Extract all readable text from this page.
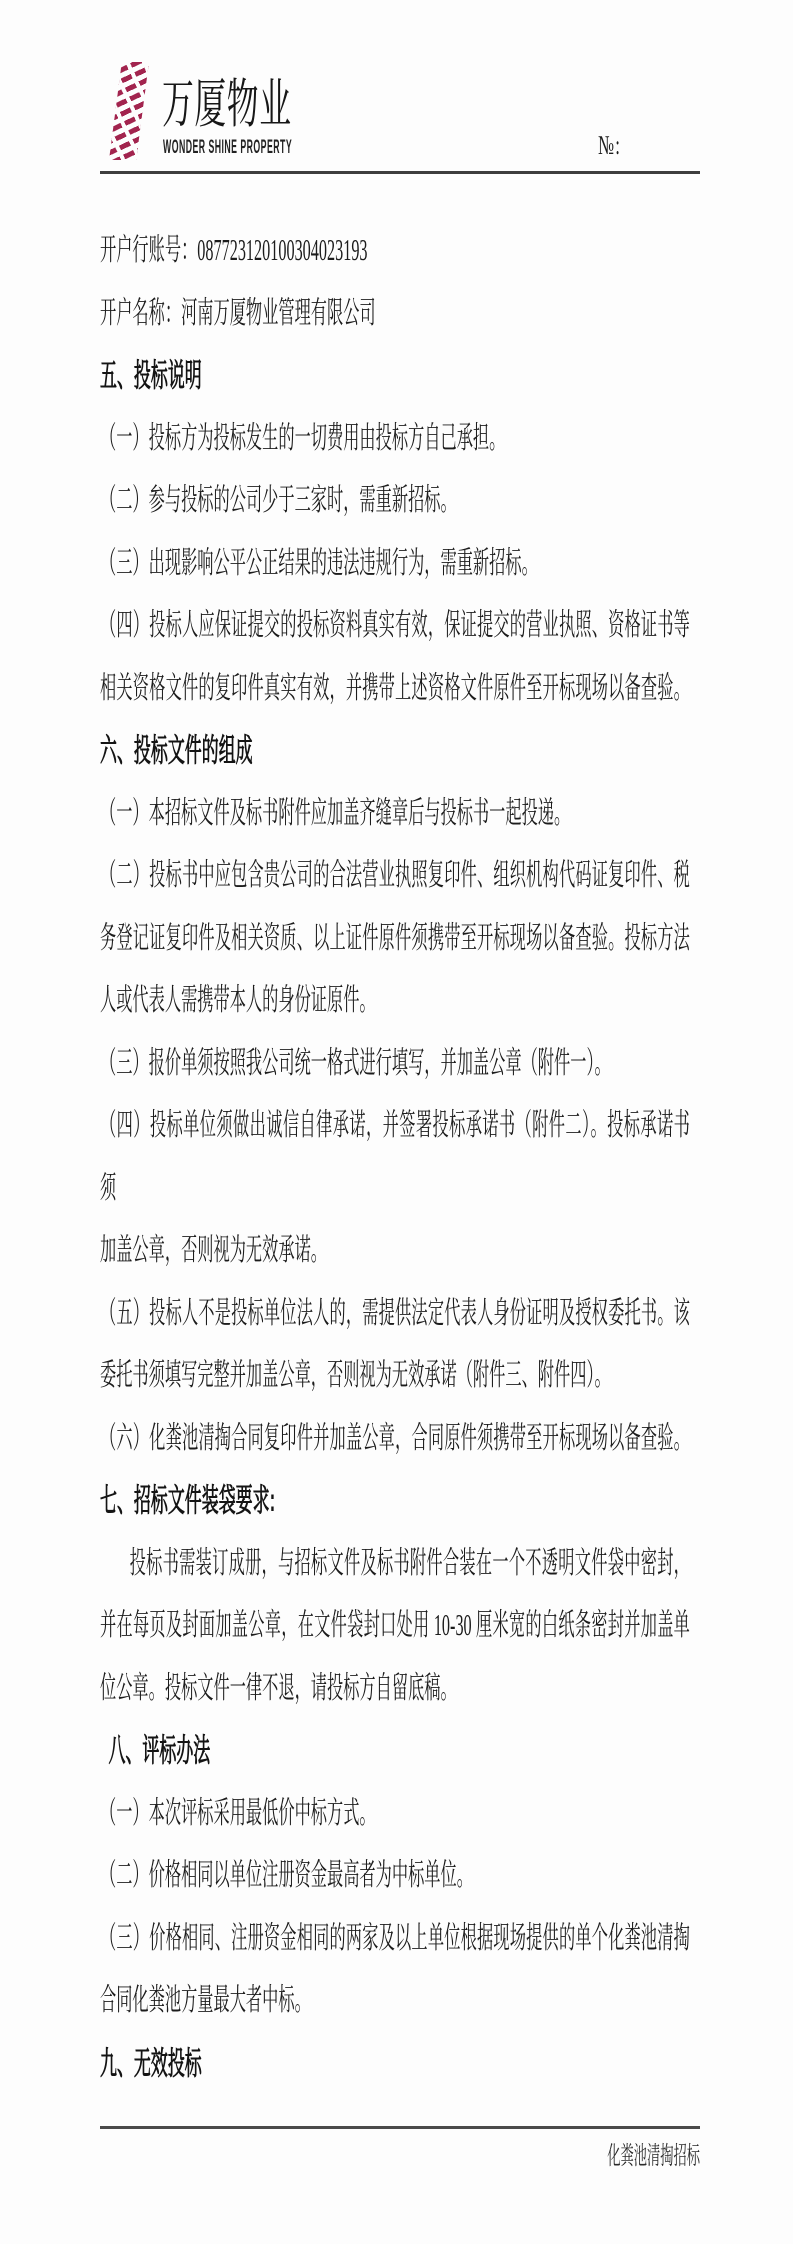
万厦物业
WONDER SHINE PROPERTY	№:
开户行账号：087723120100304023193
开户名称：河南万厦物业管理有限公司
五、投标说明
（一）投标方为投标发生的一切费用由投标方自己承担。
（二）参与投标的公司少于三家时，需重新招标。
（三）出现影响公平公正结果的违法违规行为，需重新招标。
（四）投标人应保证提交的投标资料真实有效，保证提交的营业执照、资格证书等
相关资格文件的复印件真实有效，并携带上述资格文件原件至开标现场以备查验。
六、投标文件的组成
（一）本招标文件及标书附件应加盖齐缝章后与投标书一起投递。
（二）投标书中应包含贵公司的合法营业执照复印件、组织机构代码证复印件、税
务登记证复印件及相关资质、以上证件原件须携带至开标现场以备查验。投标方法
人或代表人需携带本人的身份证原件。
（三）报价单须按照我公司统一格式进行填写，并加盖公章（附件一）。
（四）投标单位须做出诚信自律承诺，并签署投标承诺书（附件二）。投标承诺书须
加盖公章，否则视为无效承诺。
（五）投标人不是投标单位法人的，需提供法定代表人身份证明及授权委托书。该
委托书须填写完整并加盖公章，否则视为无效承诺（附件三、附件四）。
（六）化粪池清掏合同复印件并加盖公章，合同原件须携带至开标现场以备查验。
七、招标文件装袋要求:
投标书需装订成册，与招标文件及标书附件合装在一个不透明文件袋中密封，
并在每页及封面加盖公章，在文件袋封口处用 10-30 厘米宽的白纸条密封并加盖单
位公章。投标文件一律不退，请投标方自留底稿。
八、评标办法
（一）本次评标采用最低价中标方式。
（二）价格相同以单位注册资金最高者为中标单位。
（三）价格相同、注册资金相同的两家及以上单位根据现场提供的单个化粪池清掏
合同化粪池方量最大者中标。
九、无效投标
化粪池清掏招标
